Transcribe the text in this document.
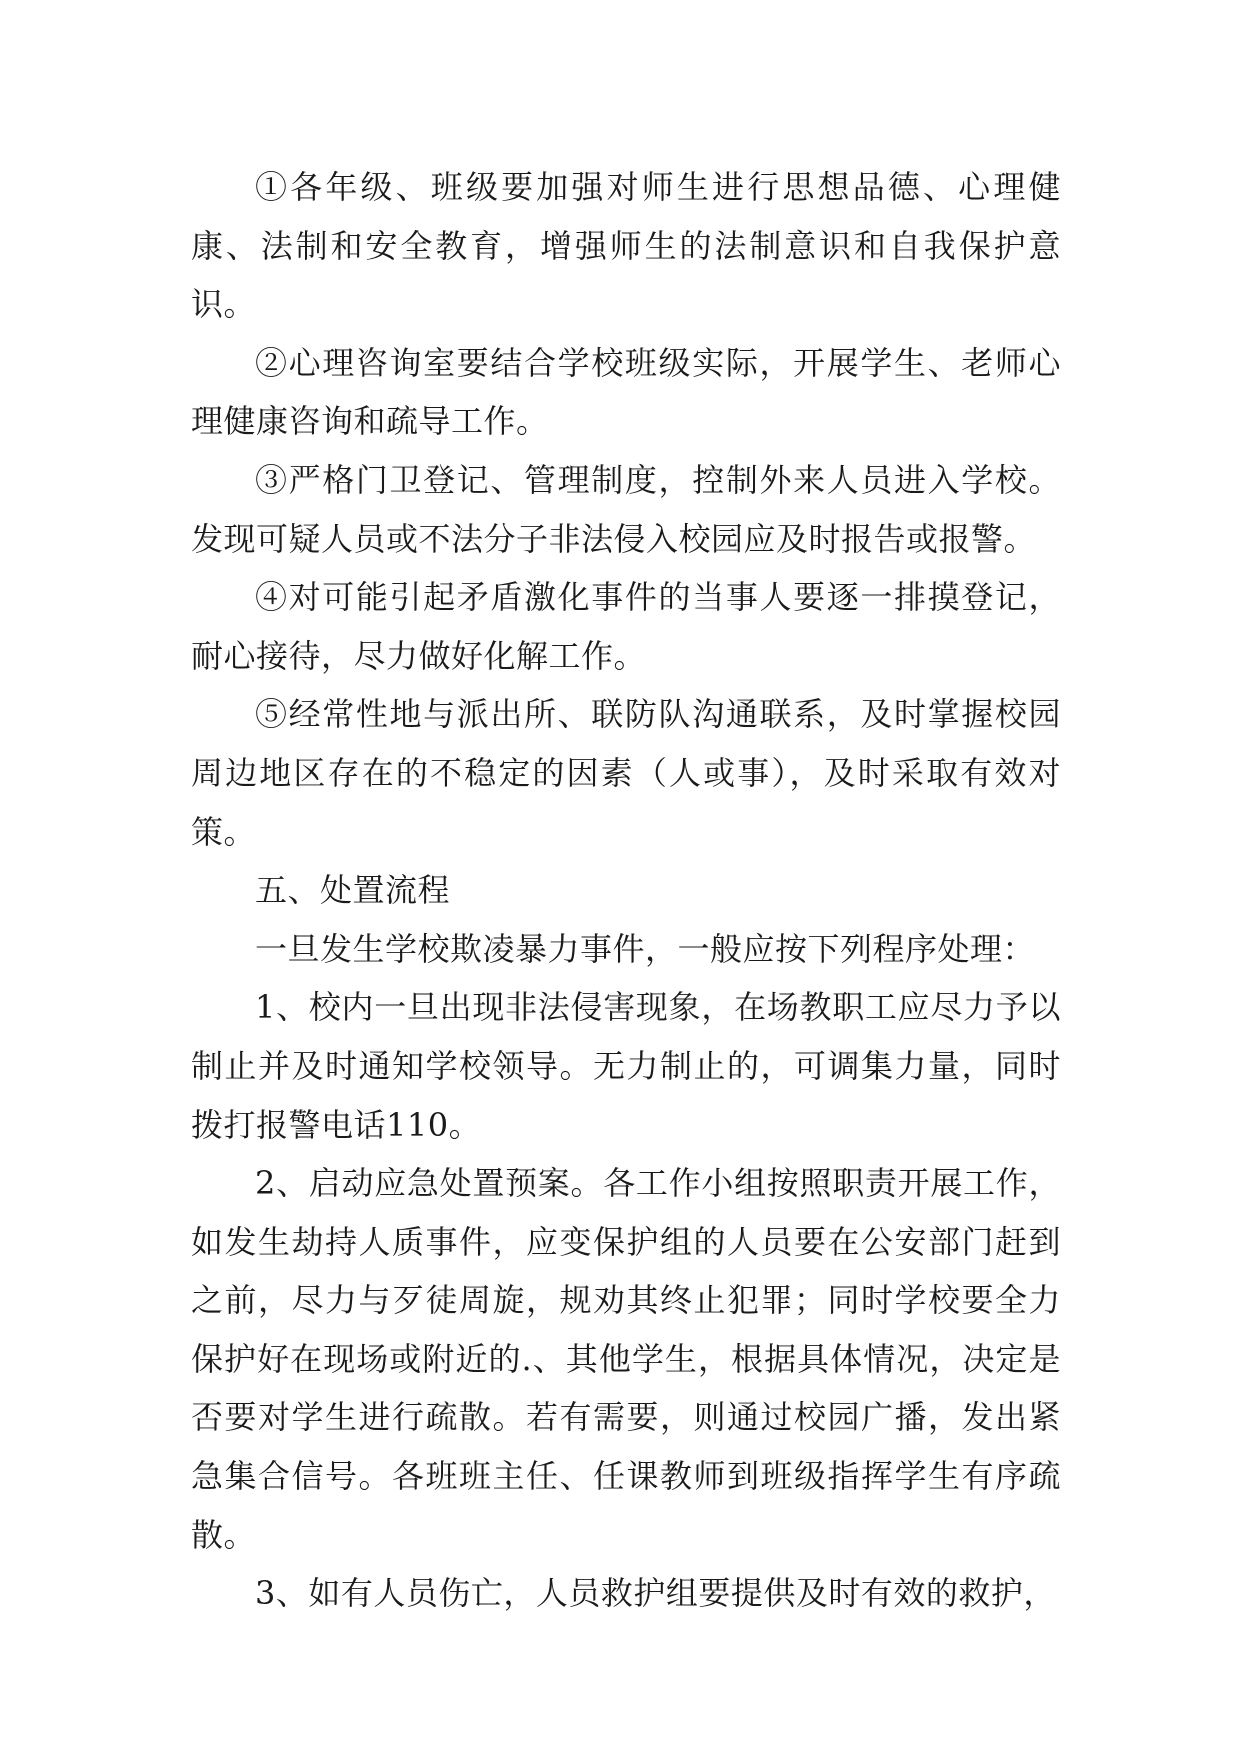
①各年级、班级要加强对师生进行思想品德、心理健康、法制和安全教育，增强师生的法制意识和自我保护意识。

②心理咨询室要结合学校班级实际，开展学生、老师心理健康咨询和疏导工作。

③严格门卫登记、管理制度，控制外来人员进入学校。发现可疑人员或不法分子非法侵入校园应及时报告或报警。

④对可能引起矛盾激化事件的当事人要逐一排摸登记，耐心接待，尽力做好化解工作。

⑤经常性地与派出所、联防队沟通联系，及时掌握校园周边地区存在的不稳定的因素（人或事），及时采取有效对策。

五、处置流程

一旦发生学校欺凌暴力事件，一般应按下列程序处理：

1、校内一旦出现非法侵害现象，在场教职工应尽力予以制止并及时通知学校领导。无力制止的，可调集力量，同时拨打报警电话110。

2、启动应急处置预案。各工作小组按照职责开展工作，如发生劫持人质事件，应变保护组的人员要在公安部门赶到之前，尽力与歹徒周旋，规劝其终止犯罪；同时学校要全力保护好在现场或附近的.、其他学生，根据具体情况，决定是否要对学生进行疏散。若有需要，则通过校园广播，发出紧急集合信号。各班班主任、任课教师到班级指挥学生有序疏散。

3、如有人员伤亡，人员救护组要提供及时有效的救护，
